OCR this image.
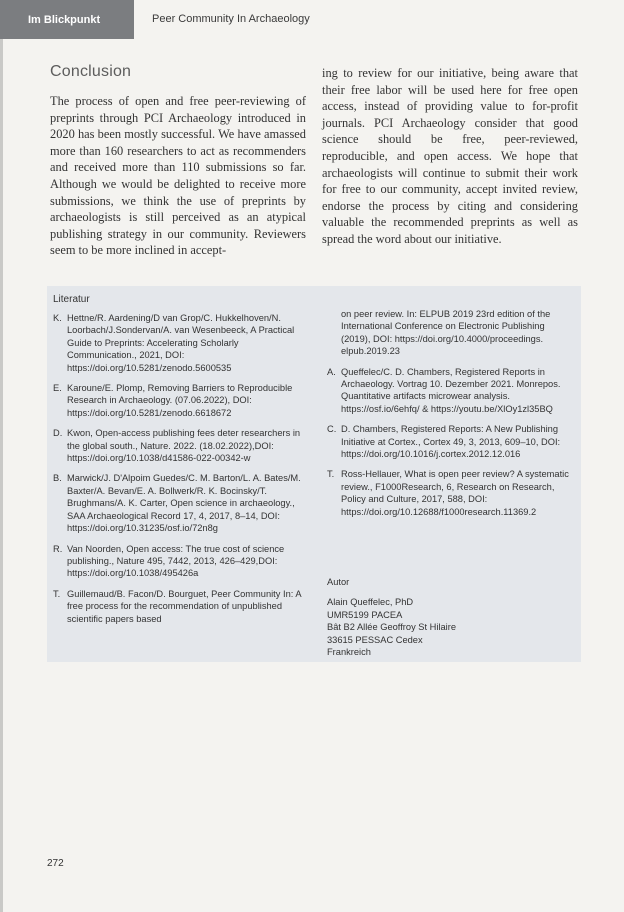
Im Blickpunkt	Peer Community In Archaeology
Conclusion

The process of open and free peer-reviewing of preprints through PCI Archaeology introduced in 2020 has been mostly successful. We have amassed more than 160 researchers to act as recommenders and received more than 110 submissions so far. Although we would be delighted to receive more submissions, we think the use of preprints by archaeologists is still perceived as an atypical publishing strategy in our community. Reviewers seem to be more inclined in accept-

ing to review for our initiative, being aware that their free labor will be used here for free open access, instead of providing value to for-profit journals. PCI Archaeology consider that good science should be free, peer-reviewed, reproducible, and open access. We hope that archaeologists will continue to submit their work for free to our community, accept invited review, endorse the process by citing and considering valuable the recommended preprints as well as spread the word about our initiative.

Literatur
K. Hettne/R. Aardening/D van Grop/C. Hukkelhoven/N. Loorbach/J.Sondervan/A. van Wesenbeeck, A Practical Guide to Preprints: Accelerating Scholarly Communication., 2021, DOI: https://doi.org/10.5281/zenodo.5600535
E. Karoune/E. Plomp, Removing Barriers to Reproducible Research in Archaeology. (07.06.2022), DOI: https://doi.org/10.5281/zenodo.6618672
D. Kwon, Open-access publishing fees deter researchers in the global south., Nature. 2022. (18.02.2022),DOI: https://doi.org/10.1038/d41586-022-00342-w
B. Marwick/J. D'Alpoim Guedes/C. M. Barton/L. A. Bates/M. Baxter/A. Bevan/E. A. Bollwerk/R. K. Bocinsky/T. Brughmans/A. K. Carter, Open science in archaeology., SAA Archaeological Record 17, 4, 2017, 8–14, DOI: https://doi.org/10.31235/osf.io/72n8g
R. Van Noorden, Open access: The true cost of science publishing., Nature 495, 7442, 2013, 426–429,DOI: https://doi.org/10.1038/495426a
T. Guillemaud/B. Facon/D. Bourguet, Peer Community In: A free process for the recommendation of unpublished scientific papers based
on peer review. In: ELPUB 2019 23rd edition of the International Conference on Electronic Publishing (2019), DOI: https://doi.org/10.4000/proceedings. elpub.2019.23
A. Queffelec/C. D. Chambers, Registered Reports in Archaeology. Vortrag 10. Dezember 2021. Monrepos. Quantitative artifacts microwear analysis. https://osf.io/6ehfq/ & https://youtu.be/XlOy1zl35BQ
C. D. Chambers, Registered Reports: A New Publishing Initiative at Cortex., Cortex 49, 3, 2013, 609–10, DOI: https://doi.org/10.1016/j.cortex.2012.12.016
T. Ross-Hellauer, What is open peer review? A systematic review., F1000Research, 6, Research on Research, Policy and Culture, 2017, 588, DOI: https://doi.org/10.12688/f1000research.11369.2
Autor
Alain Queffelec, PhD
UMR5199 PACEA
Bât B2 Allée Geoffroy St Hilaire
33615 PESSAC Cedex
Frankreich
272
